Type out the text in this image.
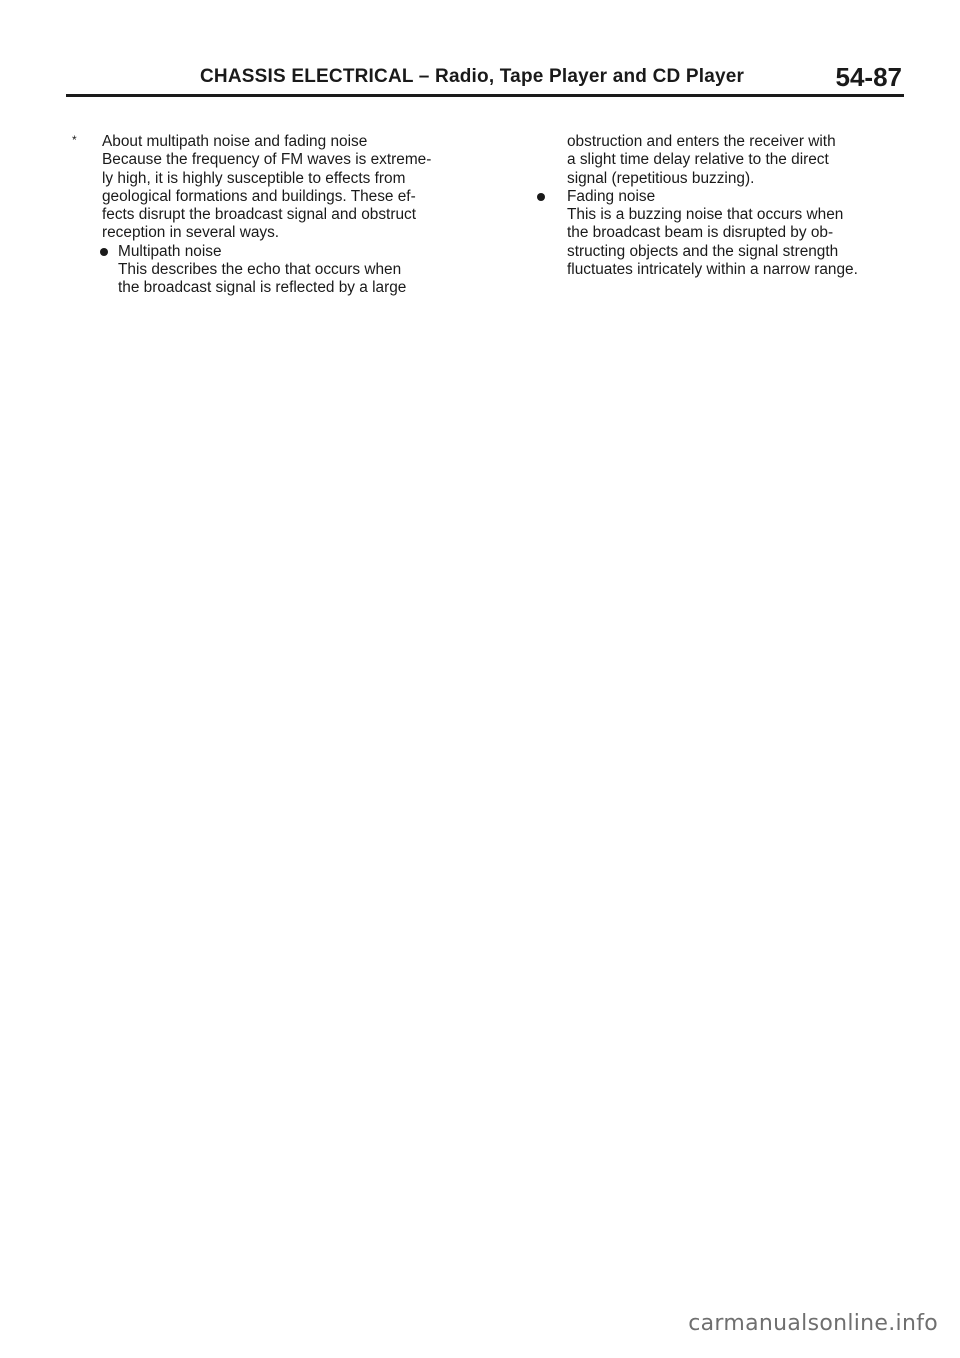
CHASSIS ELECTRICAL – Radio, Tape Player and CD Player	54-87
* About multipath noise and fading noise
Because the frequency of FM waves is extreme-
ly high, it is highly susceptible to effects from
geological formations and buildings. These ef-
fects disrupt the broadcast signal and obstruct
reception in several ways.
Multipath noise
This describes the echo that occurs when
the broadcast signal is reflected by a large
obstruction and enters the receiver with
a slight time delay relative to the direct
signal (repetitious buzzing).
Fading noise
This is a buzzing noise that occurs when
the broadcast beam is disrupted by ob-
structing objects and the signal strength
fluctuates intricately within a narrow range.
carmanualsonline.info
